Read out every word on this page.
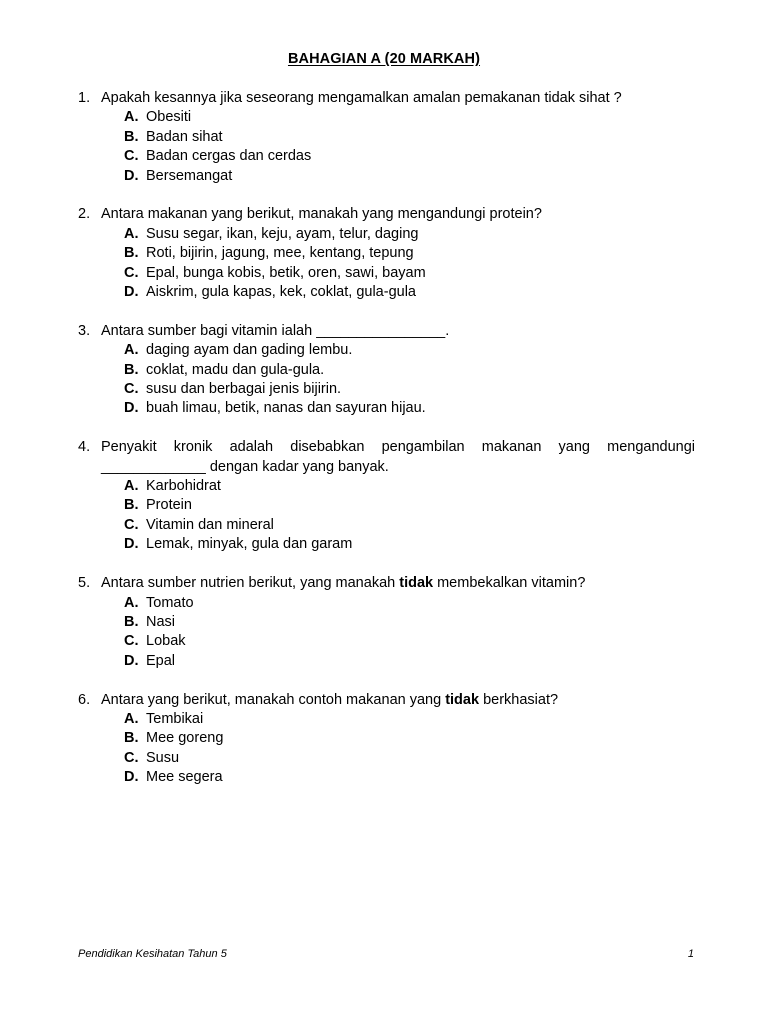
BAHAGIAN A (20 MARKAH)
1. Apakah kesannya jika seseorang mengamalkan amalan pemakanan tidak sihat ?
A. Obesiti
B. Badan sihat
C. Badan cergas dan cerdas
D. Bersemangat
2. Antara makanan yang berikut, manakah yang mengandungi protein?
A. Susu segar, ikan, keju, ayam, telur, daging
B. Roti, bijirin, jagung, mee, kentang, tepung
C. Epal, bunga kobis, betik, oren, sawi, bayam
D. Aiskrim, gula kapas, kek, coklat, gula-gula
3. Antara sumber bagi vitamin ialah ________________.
A. daging ayam dan gading lembu.
B. coklat, madu dan gula-gula.
C. susu dan berbagai jenis bijirin.
D. buah limau, betik, nanas dan sayuran hijau.
4. Penyakit kronik adalah disebabkan pengambilan makanan yang mengandungi
_____________ dengan kadar yang banyak.
A. Karbohidrat
B. Protein
C. Vitamin dan mineral
D. Lemak, minyak, gula dan garam
5. Antara sumber nutrien berikut, yang manakah tidak membekalkan vitamin?
A. Tomato
B. Nasi
C. Lobak
D. Epal
6. Antara yang berikut, manakah contoh makanan yang tidak berkhasiat?
A. Tembikai
B. Mee goreng
C. Susu
D. Mee segera
Pendidikan Kesihatan Tahun 5	1
